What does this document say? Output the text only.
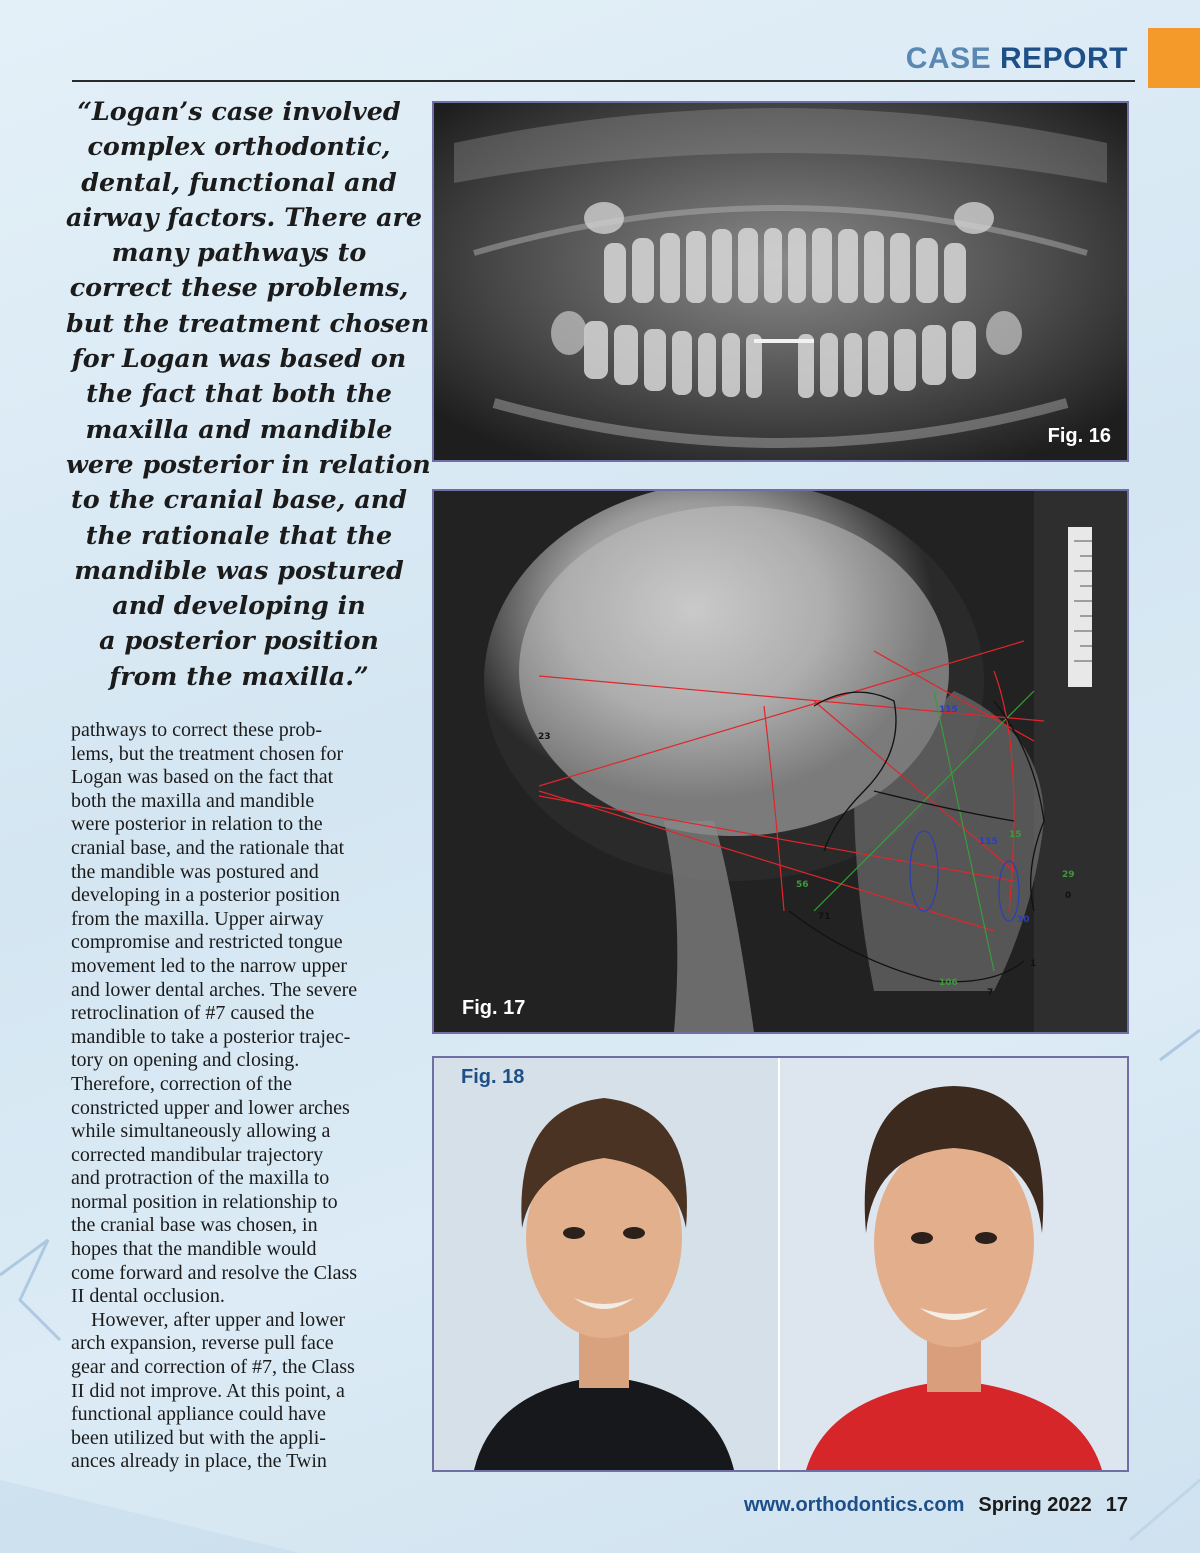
CASE REPORT
“Logan’s case involved
complex orthodontic,
dental, functional and
airway factors. There are
many pathways to
correct these problems,
but the treatment chosen
for Logan was based on
the fact that both the
maxilla and mandible
were posterior in relation
to the cranial base, and
the rationale that the
mandible was postured
and developing in
a posterior position
from the maxilla.”
pathways to correct these prob-
lems, but the treatment chosen for
Logan was based on the fact that
both the maxilla and mandible
were posterior in relation to the
cranial base, and the rationale that
the mandible was postured and
developing in a posterior position
from the maxilla. Upper airway
compromise and restricted tongue
movement led to the narrow upper
and lower dental arches. The severe
retroclination of #7 caused the
mandible to take a posterior trajec-
tory on opening and closing.
Therefore, correction of the
constricted upper and lower arches
while simultaneously allowing a
corrected mandibular trajectory
and protraction of the maxilla to
normal position in relationship to
the cranial base was chosen, in
hopes that the mandible would
come forward and resolve the Class
II dental occlusion.
However, after upper and lower
arch expansion, reverse pull face
gear and correction of #7, the Class
II did not improve. At this point, a
functional appliance could have
been utilized but with the appli-
ances already in place, the Twin
Fig. 16
23
115
115
15
56
71	30
29
0
1
106
7
Fig. 17
Fig. 18
www.orthodontics.com Spring 2022 17
